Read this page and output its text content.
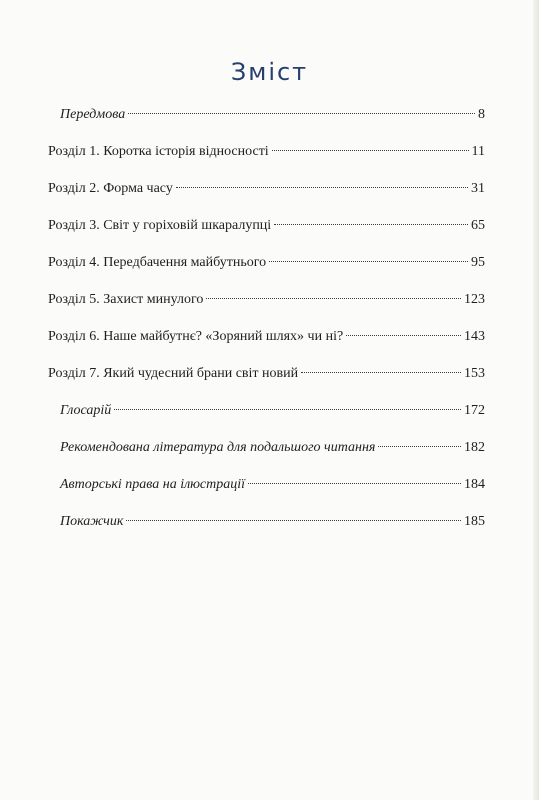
Зміст
Передмова	8
Розділ 1. Коротка історія відносності	11
Розділ 2. Форма часу	31
Розділ 3. Світ у горіховій шкаралупці	65
Розділ 4. Передбачення майбутнього	95
Розділ 5. Захист минулого	123
Розділ 6. Наше майбутнє? «Зоряний шлях» чи ні?	143
Розділ 7. Який чудесний брани світ новий	153
Глосарій	172
Рекомендована література для подальшого читання	182
Авторські права на ілюстрації	184
Покажчик	185
